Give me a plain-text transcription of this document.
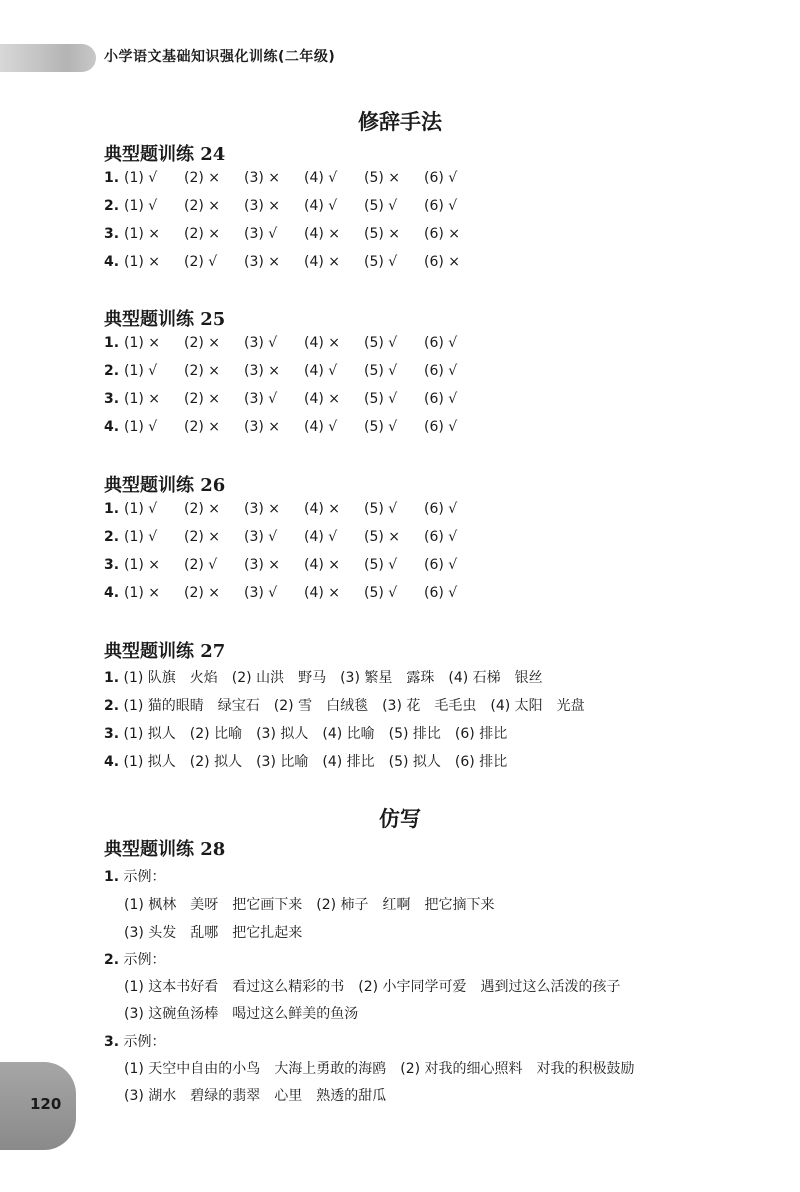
小学语文基础知识强化训练(二年级)
修辞手法
典型题训练 24
典型题训练 25
典型题训练 26
典型题训练 27
1. (1) 队旗　火焰　(2) 山洪　野马　(3) 繁星　露珠　(4) 石梯　银丝
2. (1) 猫的眼睛　绿宝石　(2) 雪　白绒毯　(3) 花　毛毛虫　(4) 太阳　光盘
3. (1) 拟人　(2) 比喻　(3) 拟人　(4) 比喻　(5) 排比　(6) 排比
4. (1) 拟人　(2) 拟人　(3) 比喻　(4) 排比　(5) 拟人　(6) 排比
仿写
典型题训练 28
1. 示例：
(1) 枫林　美呀　把它画下来　(2) 柿子　红啊　把它摘下来
(3) 头发　乱哪　把它扎起来
2. 示例：
(1) 这本书好看　看过这么精彩的书　(2) 小宇同学可爱　遇到过这么活泼的孩子
(3) 这碗鱼汤棒　喝过这么鲜美的鱼汤
3. 示例：
(1) 天空中自由的小鸟　大海上勇敢的海鸥　(2) 对我的细心照料　对我的积极鼓励
(3) 湖水　碧绿的翡翠　心里　熟透的甜瓜
120
1. (1) √ (2) × (3) × (4) √ (5) × (6) √
2. (1) √ (2) × (3) × (4) √ (5) √ (6) √
3. (1) × (2) × (3) √ (4) × (5) × (6) ×
4. (1) × (2) √ (3) × (4) × (5) √ (6) ×
1. (1) × (2) × (3) √ (4) × (5) √ (6) √
2. (1) √ (2) × (3) × (4) √ (5) √ (6) √
3. (1) × (2) × (3) √ (4) × (5) √ (6) √
4. (1) √ (2) × (3) × (4) √ (5) √ (6) √
1. (1) √ (2) × (3) × (4) × (5) √ (6) √
2. (1) √ (2) × (3) √ (4) √ (5) × (6) √
3. (1) × (2) √ (3) × (4) × (5) √ (6) √
4. (1) × (2) × (3) √ (4) × (5) √ (6) √
